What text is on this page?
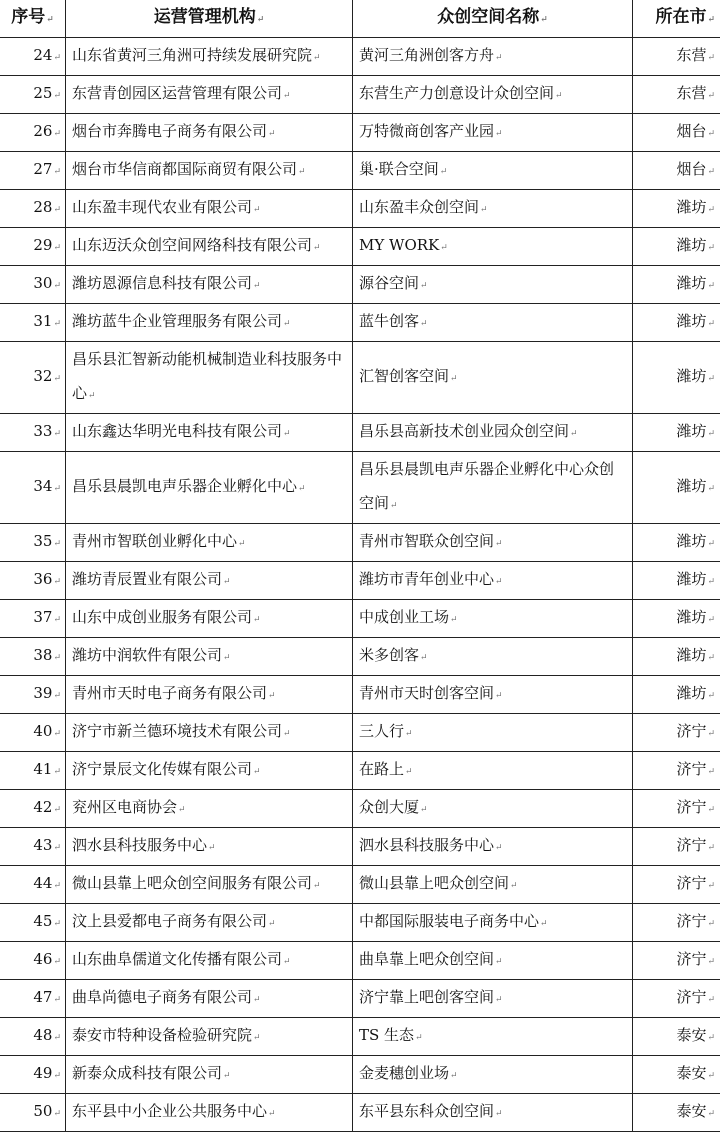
序号 ↵	运营管理机构 ↵	众创空间名称 ↵	所在市 ↵
24 ↵	山东省黄河三角洲可持续发展研究院 ↵	黄河三角洲创客方舟 ↵	东营 ↵
25 ↵	东营青创园区运营管理有限公司 ↵	东营生产力创意设计众创空间 ↵	东营 ↵
26 ↵	烟台市奔腾电子商务有限公司 ↵	万特微商创客产业园 ↵	烟台 ↵
27 ↵	烟台市华信商都国际商贸有限公司 ↵	巢·联合空间 ↵	烟台 ↵
28 ↵	山东盈丰现代农业有限公司 ↵	山东盈丰众创空间 ↵	潍坊 ↵
29 ↵	山东迈沃众创空间网络科技有限公司 ↵	MY WORK ↵	潍坊 ↵
30 ↵	潍坊恩源信息科技有限公司 ↵	源谷空间 ↵	潍坊 ↵
31 ↵	潍坊蓝牛企业管理服务有限公司 ↵	蓝牛创客 ↵	潍坊 ↵
32 ↵	昌乐县汇智新动能机械制造业科技服务中心 ↵	汇智创客空间 ↵	潍坊 ↵
33 ↵	山东鑫达华明光电科技有限公司 ↵	昌乐县高新技术创业园众创空间 ↵	潍坊 ↵
34 ↵	昌乐县晨凯电声乐器企业孵化中心 ↵	昌乐县晨凯电声乐器企业孵化中心众创空间 ↵	潍坊 ↵
35 ↵	青州市智联创业孵化中心 ↵	青州市智联众创空间 ↵	潍坊 ↵
36 ↵	潍坊青辰置业有限公司 ↵	潍坊市青年创业中心 ↵	潍坊 ↵
37 ↵	山东中成创业服务有限公司 ↵	中成创业工场 ↵	潍坊 ↵
38 ↵	潍坊中润软件有限公司 ↵	米多创客 ↵	潍坊 ↵
39 ↵	青州市天时电子商务有限公司 ↵	青州市天时创客空间 ↵	潍坊 ↵
40 ↵	济宁市新兰德环境技术有限公司 ↵	三人行 ↵	济宁 ↵
41 ↵	济宁景辰文化传媒有限公司 ↵	在路上 ↵	济宁 ↵
42 ↵	兖州区电商协会 ↵	众创大厦 ↵	济宁 ↵
43 ↵	泗水县科技服务中心 ↵	泗水县科技服务中心 ↵	济宁 ↵
44 ↵	微山县靠上吧众创空间服务有限公司 ↵	微山县靠上吧众创空间 ↵	济宁 ↵
45 ↵	汶上县爱都电子商务有限公司 ↵	中都国际服装电子商务中心 ↵	济宁 ↵
46 ↵	山东曲阜儒道文化传播有限公司 ↵	曲阜靠上吧众创空间 ↵	济宁 ↵
47 ↵	曲阜尚德电子商务有限公司 ↵	济宁靠上吧创客空间 ↵	济宁 ↵
48 ↵	泰安市特种设备检验研究院 ↵	TS 生态 ↵	泰安 ↵
49 ↵	新泰众成科技有限公司 ↵	金麦穗创业场 ↵	泰安 ↵
50 ↵	东平县中小企业公共服务中心 ↵	东平县东科众创空间 ↵	泰安 ↵
